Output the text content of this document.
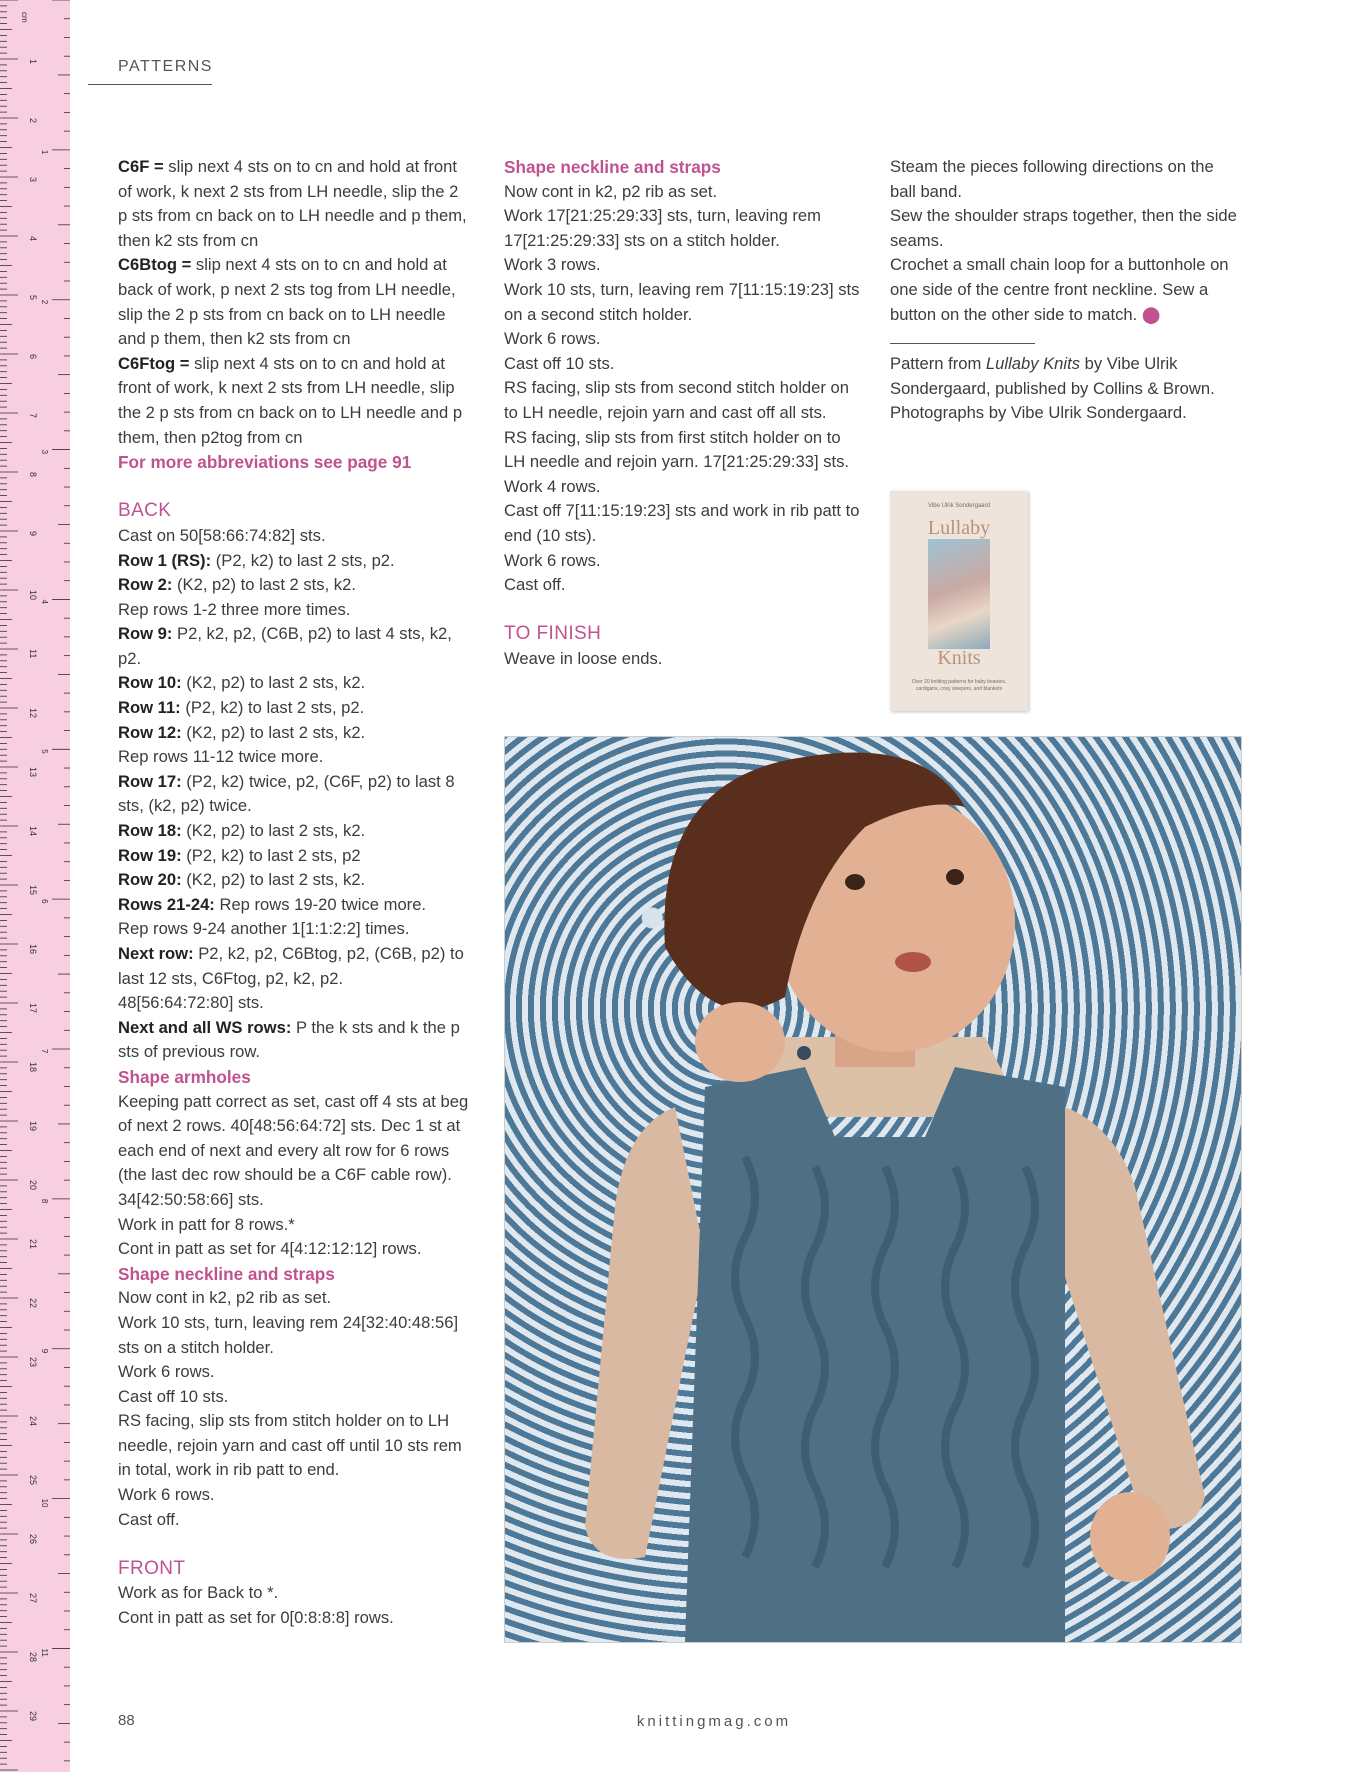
1
2
3
4
5
6
7
8
9
10
11
12
13
14
15
16
17
18
19
20
21
22
23
24
25
26
27
28
29
1
2
3
4
5
6
7
8
9
10
11
cm
PATTERNS

C6F = slip next 4 sts on to cn and hold at front of work, k next 2 sts from LH needle, slip the 2 p sts from cn back on to LH needle and p them, then k2 sts from cn

C6Btog = slip next 4 sts on to cn and hold at back of work, p next 2 sts tog from LH needle, slip the 2 p sts from cn back on to LH needle and p them, then k2 sts from cn

C6Ftog = slip next 4 sts on to cn and hold at front of work, k next 2 sts from LH needle, slip the 2 p sts from cn back on to LH needle and p them, then p2tog from cn

For more abbreviations see page 91

BACK

Cast on 50[58:66:74:82] sts.

Row 1 (RS): (P2, k2) to last 2 sts, p2.

Row 2: (K2, p2) to last 2 sts, k2.

Rep rows 1-2 three more times.

Row 9: P2, k2, p2, (C6B, p2) to last 4 sts, k2, p2.

Row 10: (K2, p2) to last 2 sts, k2.

Row 11: (P2, k2) to last 2 sts, p2.

Row 12: (K2, p2) to last 2 sts, k2.

Rep rows 11-12 twice more.

Row 17: (P2, k2) twice, p2, (C6F, p2) to last 8 sts, (k2, p2) twice.

Row 18: (K2, p2) to last 2 sts, k2.

Row 19: (P2, k2) to last 2 sts, p2

Row 20: (K2, p2) to last 2 sts, k2.

Rows 21-24: Rep rows 19-20 twice more.

Rep rows 9-24 another 1[1:1:2:2] times.

Next row: P2, k2, p2, C6Btog, p2, (C6B, p2) to last 12 sts, C6Ftog, p2, k2, p2.

48[56:64:72:80] sts.

Next and all WS rows: P the k sts and k the p sts of previous row.

Shape armholes

Keeping patt correct as set, cast off 4 sts at beg of next 2 rows. 40[48:56:64:72] sts. Dec 1 st at each end of next and every alt row for 6 rows (the last dec row should be a C6F cable row). 34[42:50:58:66] sts.

Work in patt for 8 rows.*

Cont in patt as set for 4[4:12:12:12] rows.

Shape neckline and straps

Now cont in k2, p2 rib as set.

Work 10 sts, turn, leaving rem 24[32:40:48:56] sts on a stitch holder.

Work 6 rows.

Cast off 10 sts.

RS facing, slip sts from stitch holder on to LH needle, rejoin yarn and cast off until 10 sts rem in total, work in rib patt to end.

Work 6 rows.

Cast off.

FRONT

Work as for Back to *.

Cont in patt as set for 0[0:8:8:8] rows.

Shape neckline and straps

Now cont in k2, p2 rib as set.

Work 17[21:25:29:33] sts, turn, leaving rem 17[21:25:29:33] sts on a stitch holder.

Work 3 rows.

Work 10 sts, turn, leaving rem 7[11:15:19:23] sts on a second stitch holder.

Work 6 rows.

Cast off 10 sts.

RS facing, slip sts from second stitch holder on to LH needle, rejoin yarn and cast off all sts.

RS facing, slip sts from first stitch holder on to LH needle and rejoin yarn. 17[21:25:29:33] sts.

Work 4 rows.

Cast off 7[11:15:19:23] sts and work in rib patt to end (10 sts).

Work 6 rows.

Cast off.

TO FINISH

Weave in loose ends.

Steam the pieces following directions on the ball band.

Sew the shoulder straps together, then the side seams.

Crochet a small chain loop for a buttonhole on one side of the centre front neckline. Sew a button on the other side to match. ⬤

Pattern from Lullaby Knits by Vibe Ulrik Sondergaard, published by Collins & Brown. Photographs by Vibe Ulrik Sondergaard.

Vibe Ulrik Sondergaard
Lullaby
Knits
Over 20 knitting patterns for baby beanies, cardigans, cosy sleepers, and blankets
88	knittingmag.com
